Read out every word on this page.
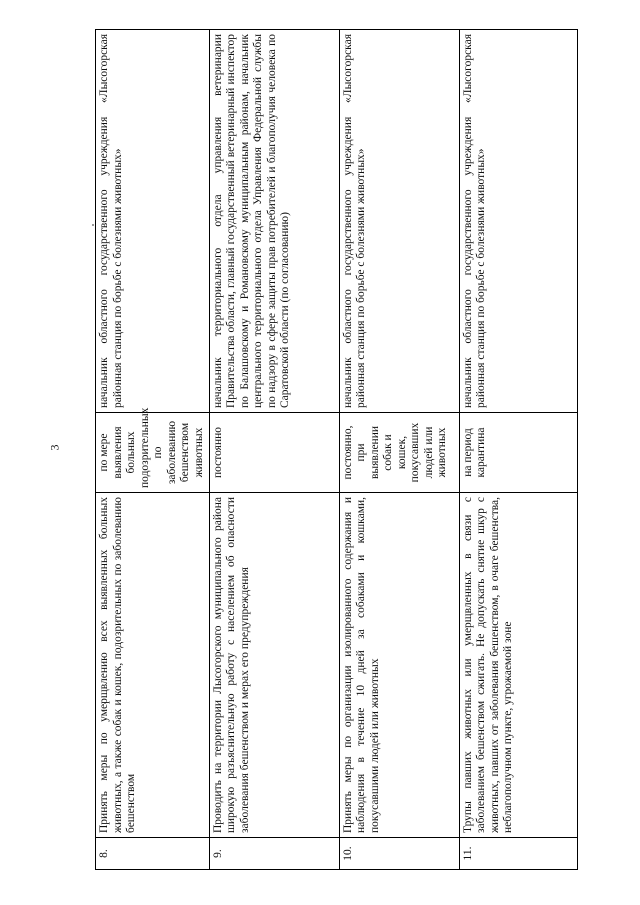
3
8.	Принять меры по умерщвлению всех выявленных больных животных, а также собак и кошек, подозрительных по заболеванию бешенством	по мере выявления больных подозрительных по заболеванию бешенством животных	начальник областного государственного учреждения «Лысогорская районная станция по борьбе с болезнями животных»
9.	Проводить на территории Лысогорского муниципального района широкую разъяснительную работу с населением об опасности заболевания бешенством и мерах его предупреждения	постоянно	начальник территориального отдела управления ветеринарии Правительства области, главный государственный ветеринарный инспектор по Балашовскому и Романовскому муниципальным районам, начальник центрального территориального отдела Управления Федеральной службы по надзору в сфере защиты прав потребителей и благополучия человека по Саратовской области (по согласованию)
10.	Принять меры по организации изолированного содержания и наблюдения в течение 10 дней за собаками и кошками, покусавшими людей или животных	постоянно, при выявлении собак и кошек, покусавших людей или животных	начальник областного государственного учреждения «Лысогорская районная станция по борьбе с болезнями животных»
11.	Трупы павших животных или умерщвленных в связи с заболеванием бешенством сжигать. Не допускать снятие шкур с животных, павших от заболевания бешенством, в очаге бешенства, неблагополучном пункте, угрожаемой зоне	на период карантина	начальник областного государственного учреждения «Лысогорская районная станция по борьбе с болезнями животных»
